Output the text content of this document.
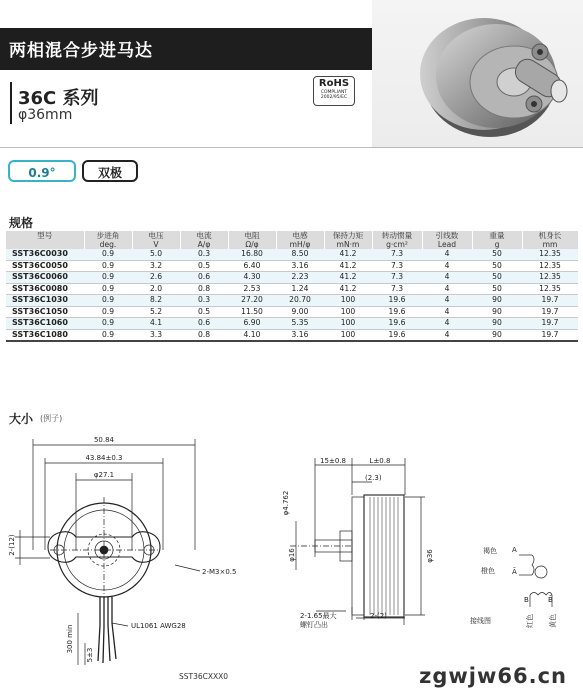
两相混合步进马达
36C 系列
φ36mm
RoHS
COMPLIANT 2002/95/EC
0.9°	双极
规格
型号	步进角	电压	电流	电阻	电感	保持力矩	转动惯量	引线数	重量	机身长
	deg.	V	A/φ	Ω/φ	mH/φ	mN·m	g·cm²	Lead	g	mm
SST36C0030	0.9	5.0	0.3	16.80	8.50	41.2	7.3	4	50	12.35
SST36C0050	0.9	3.2	0.5	6.40	3.16	41.2	7.3	4	50	12.35
SST36C0060	0.9	2.6	0.6	4.30	2.23	41.2	7.3	4	50	12.35
SST36C0080	0.9	2.0	0.8	2.53	1.24	41.2	7.3	4	50	12.35
SST36C1030	0.9	8.2	0.3	27.20	20.70	100	19.6	4	90	19.7
SST36C1050	0.9	5.2	0.5	11.50	9.00	100	19.6	4	90	19.7
SST36C1060	0.9	4.1	0.6	6.90	5.35	100	19.6	4	90	19.7
SST36C1080	0.9	3.3	0.8	4.10	3.16	100	19.6	4	90	19.7
大小 (例子)
50.84
43.84±0.3
φ27.1
2-(12)
2-M3×0.5
UL1061 AWG28
300 min
5±3
15±0.8	L±0.8
(2.3)
φ4.762
φ16	φ36
2-1.65最大
螺钉凸出
2-(2)
接线图
褐色
橙色
A
Ā
B	B̄
红色 黄色
SST36CXXX0	zgwjw66.cn
